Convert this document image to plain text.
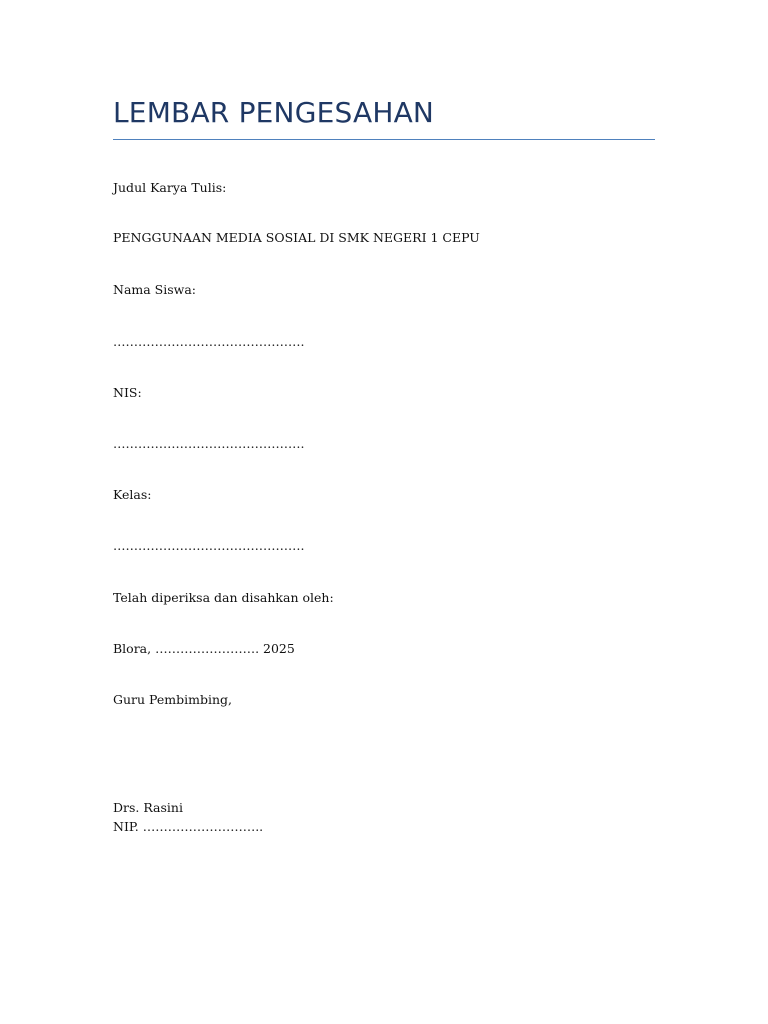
LEMBAR PENGESAHAN

Judul Karya Tulis:

PENGGUNAAN MEDIA SOSIAL DI SMK NEGERI 1 CEPU

Nama Siswa:

……………………………………….

NIS:

……………………………………….

Kelas:

……………………………………….

Telah diperiksa dan disahkan oleh:

Blora, ……………………. 2025

Guru Pembimbing,

Drs. Rasini

NIP. ………………………..
